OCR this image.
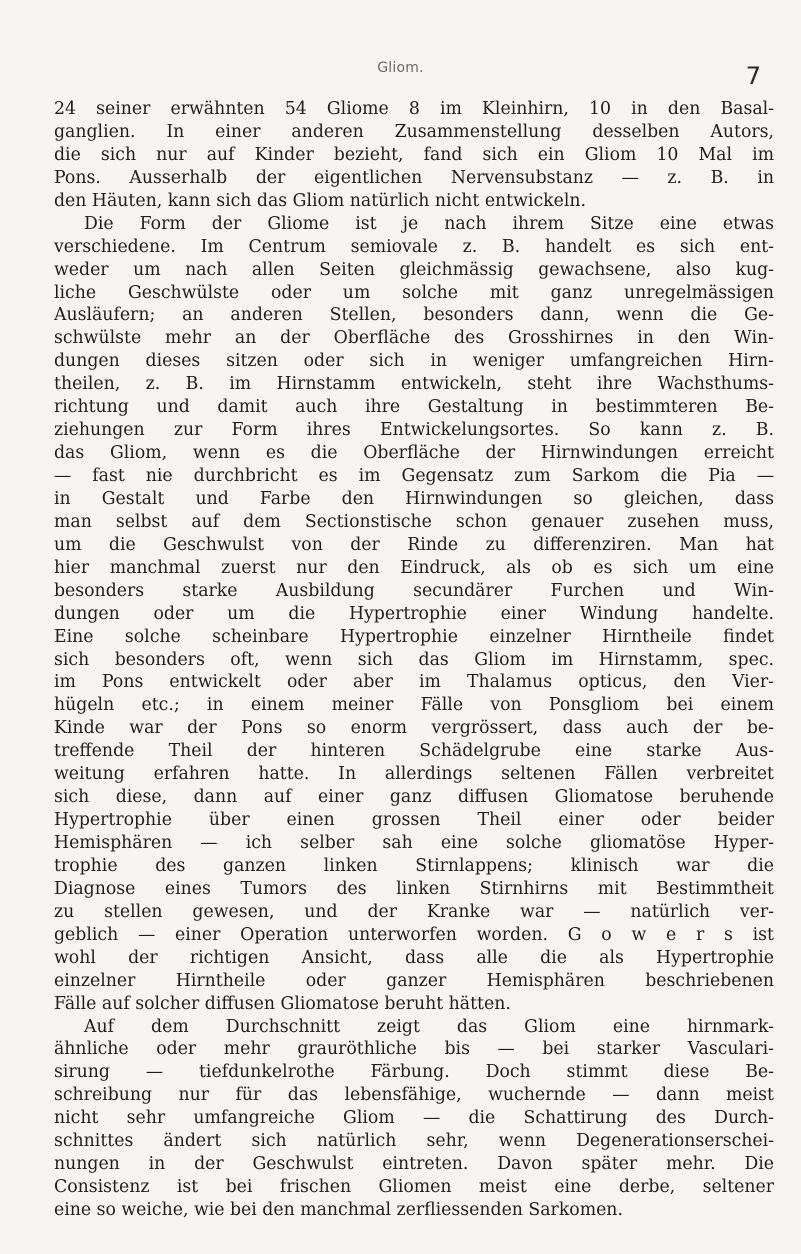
Gliom.	7
24 seiner erwähnten 54 Gliome 8 im Kleinhirn, 10 in den Basal-
ganglien. In einer anderen Zusammenstellung desselben Autors,
die sich nur auf Kinder bezieht, fand sich ein Gliom 10 Mal im
Pons. Ausserhalb der eigentlichen Nervensubstanz — z. B. in
den Häuten, kann sich das Gliom natürlich nicht entwickeln.
Die Form der Gliome ist je nach ihrem Sitze eine etwas
verschiedene. Im Centrum semiovale z. B. handelt es sich ent-
weder um nach allen Seiten gleichmässig gewachsene, also kug-
liche Geschwülste oder um solche mit ganz unregelmässigen
Ausläufern; an anderen Stellen, besonders dann, wenn die Ge-
schwülste mehr an der Oberfläche des Grosshirnes in den Win-
dungen dieses sitzen oder sich in weniger umfangreichen Hirn-
theilen, z. B. im Hirnstamm entwickeln, steht ihre Wachsthums-
richtung und damit auch ihre Gestaltung in bestimmteren Be-
ziehungen zur Form ihres Entwickelungsortes. So kann z. B.
das Gliom, wenn es die Oberfläche der Hirnwindungen erreicht
— fast nie durchbricht es im Gegensatz zum Sarkom die Pia —
in Gestalt und Farbe den Hirnwindungen so gleichen, dass
man selbst auf dem Sectionstische schon genauer zusehen muss,
um die Geschwulst von der Rinde zu differenziren. Man hat
hier manchmal zuerst nur den Eindruck, als ob es sich um eine
besonders starke Ausbildung secundärer Furchen und Win-
dungen oder um die Hypertrophie einer Windung handelte.
Eine solche scheinbare Hypertrophie einzelner Hirntheile findet
sich besonders oft, wenn sich das Gliom im Hirnstamm, spec.
im Pons entwickelt oder aber im Thalamus opticus, den Vier-
hügeln etc.; in einem meiner Fälle von Ponsgliom bei einem
Kinde war der Pons so enorm vergrössert, dass auch der be-
treffende Theil der hinteren Schädelgrube eine starke Aus-
weitung erfahren hatte. In allerdings seltenen Fällen verbreitet
sich diese, dann auf einer ganz diffusen Gliomatose beruhende
Hypertrophie über einen grossen Theil einer oder beider
Hemisphären — ich selber sah eine solche gliomatöse Hyper-
trophie des ganzen linken Stirnlappens; klinisch war die
Diagnose eines Tumors des linken Stirnhirns mit Bestimmtheit
zu stellen gewesen, und der Kranke war — natürlich ver-
geblich — einer Operation unterworfen worden. G o w e r s ist
wohl der richtigen Ansicht, dass alle die als Hypertrophie
einzelner Hirntheile oder ganzer Hemisphären beschriebenen
Fälle auf solcher diffusen Gliomatose beruht hätten.
Auf dem Durchschnitt zeigt das Gliom eine hirnmark-
ähnliche oder mehr grauröthliche bis — bei starker Vasculari-
sirung — tiefdunkelrothe Färbung. Doch stimmt diese Be-
schreibung nur für das lebensfähige, wuchernde — dann meist
nicht sehr umfangreiche Gliom — die Schattirung des Durch-
schnittes ändert sich natürlich sehr, wenn Degenerationserschei-
nungen in der Geschwulst eintreten. Davon später mehr. Die
Consistenz ist bei frischen Gliomen meist eine derbe, seltener
eine so weiche, wie bei den manchmal zerfliessenden Sarkomen.
